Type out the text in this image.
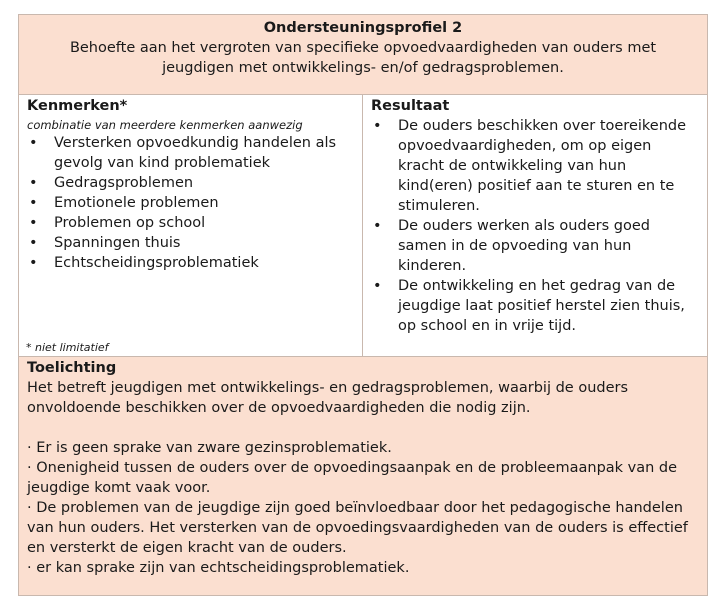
Ondersteuningsprofiel 2
Behoefte aan het vergroten van specifieke opvoedvaardigheden van ouders met jeugdigen met ontwikkelings- en/of gedragsproblemen.
Kenmerken*
combinatie van meerdere kenmerken aanwezig
• Versterken opvoedkundig handelen als gevolg van kind problematiek
• Gedragsproblemen
• Emotionele problemen
• Problemen op school
• Spanningen thuis
• Echtscheidingsproblematiek
* niet limitatief
Resultaat
• De ouders beschikken over toereikende opvoedvaardigheden, om op eigen kracht de ontwikkeling van hun kind(eren) positief aan te sturen en te stimuleren.
• De ouders werken als ouders goed samen in de opvoeding van hun kinderen.
• De ontwikkeling en het gedrag van de jeugdige laat positief herstel zien thuis, op school en in vrije tijd.
Toelichting

Het betreft jeugdigen met ontwikkelings- en gedragsproblemen, waarbij de ouders onvoldoende beschikken over de opvoedvaardigheden die nodig zijn.

· Er is geen sprake van zware gezinsproblematiek.

· Onenigheid tussen de ouders over de opvoedingsaanpak en de probleemaanpak van de jeugdige komt vaak voor.

· De problemen van de jeugdige zijn goed beïnvloedbaar door het pedagogische handelen van hun ouders. Het versterken van de opvoedingsvaardigheden van de ouders is effectief en versterkt de eigen kracht van de ouders.

· er kan sprake zijn van echtscheidingsproblematiek.
